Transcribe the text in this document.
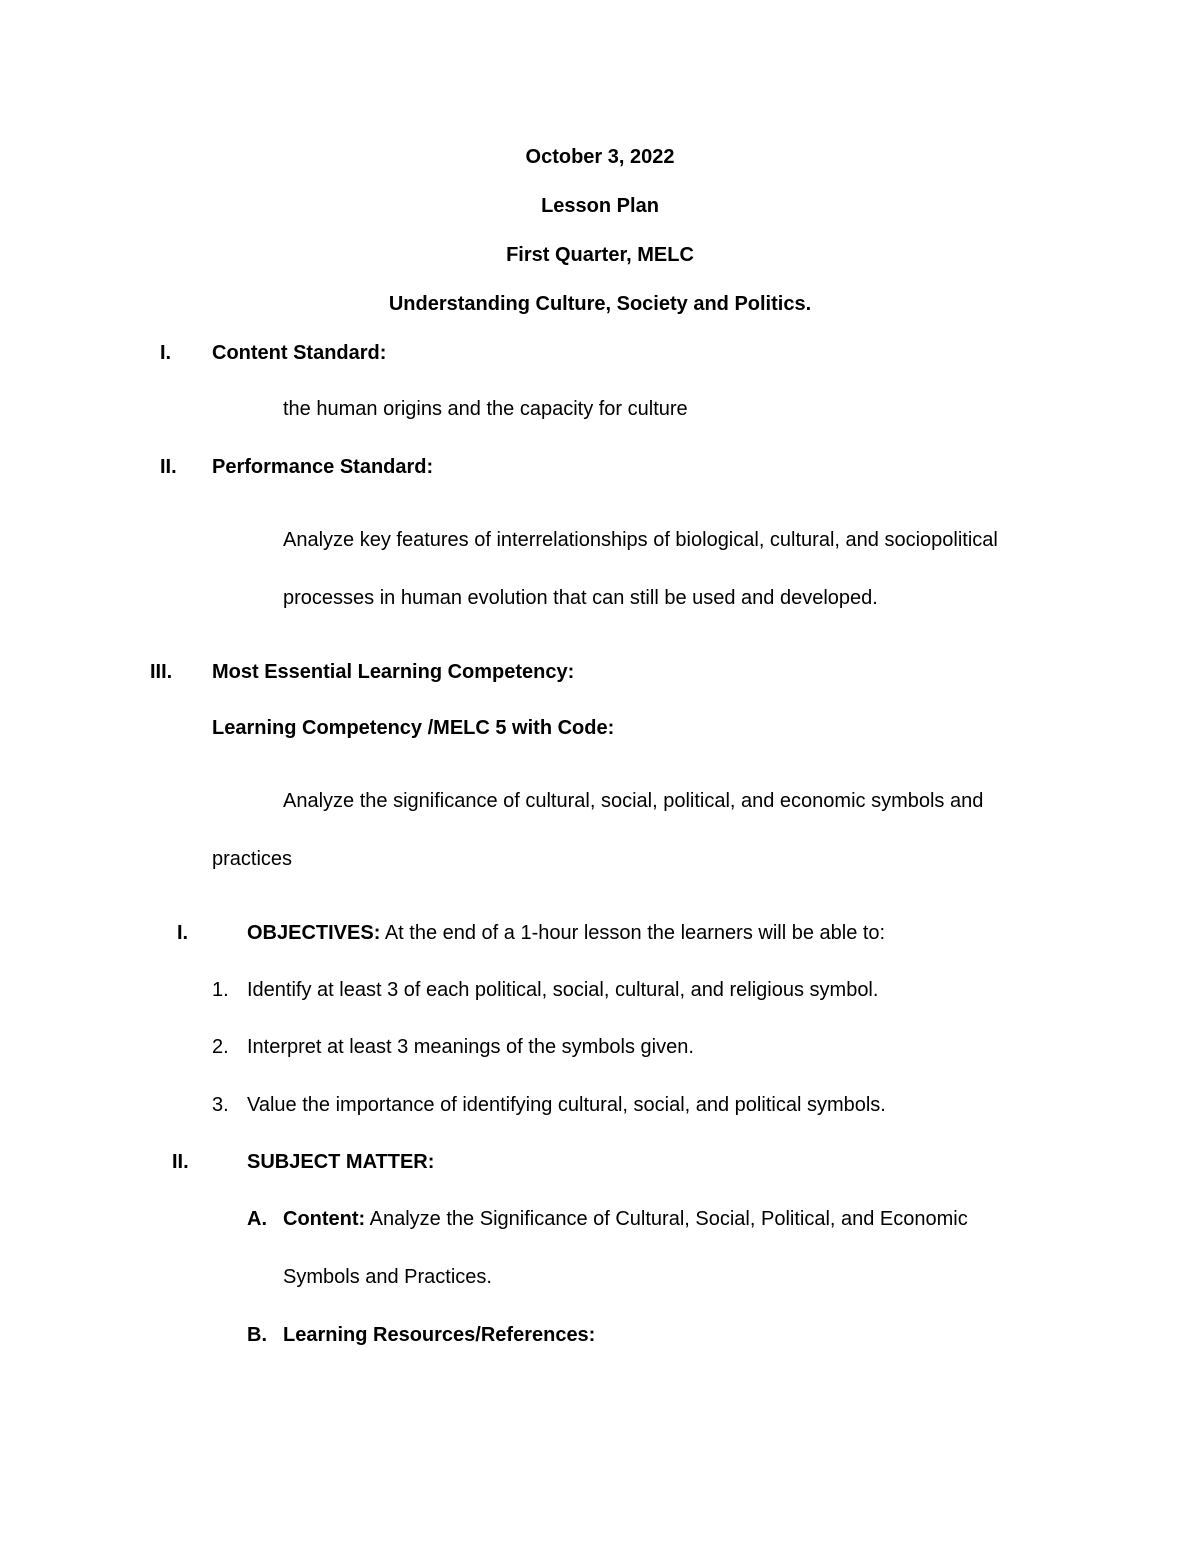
October 3, 2022
Lesson Plan
First Quarter, MELC
Understanding Culture, Society and Politics.
I. Content Standard:
the human origins and the capacity for culture
II. Performance Standard:
Analyze key features of interrelationships of biological, cultural, and sociopolitical
processes in human evolution that can still be used and developed.
III. Most Essential Learning Competency:
Learning Competency /MELC 5 with Code:
Analyze the significance of cultural, social, political, and economic symbols and
practices
I.	OBJECTIVES: At the end of a 1-hour lesson the learners will be able to:
1. Identify at least 3 of each political, social, cultural, and religious symbol.
2. Interpret at least 3 meanings of the symbols given.
3. Value the importance of identifying cultural, social, and political symbols.
II.	SUBJECT MATTER:
A. Content: Analyze the Significance of Cultural, Social, Political, and Economic
Symbols and Practices.
B. Learning Resources/References:
